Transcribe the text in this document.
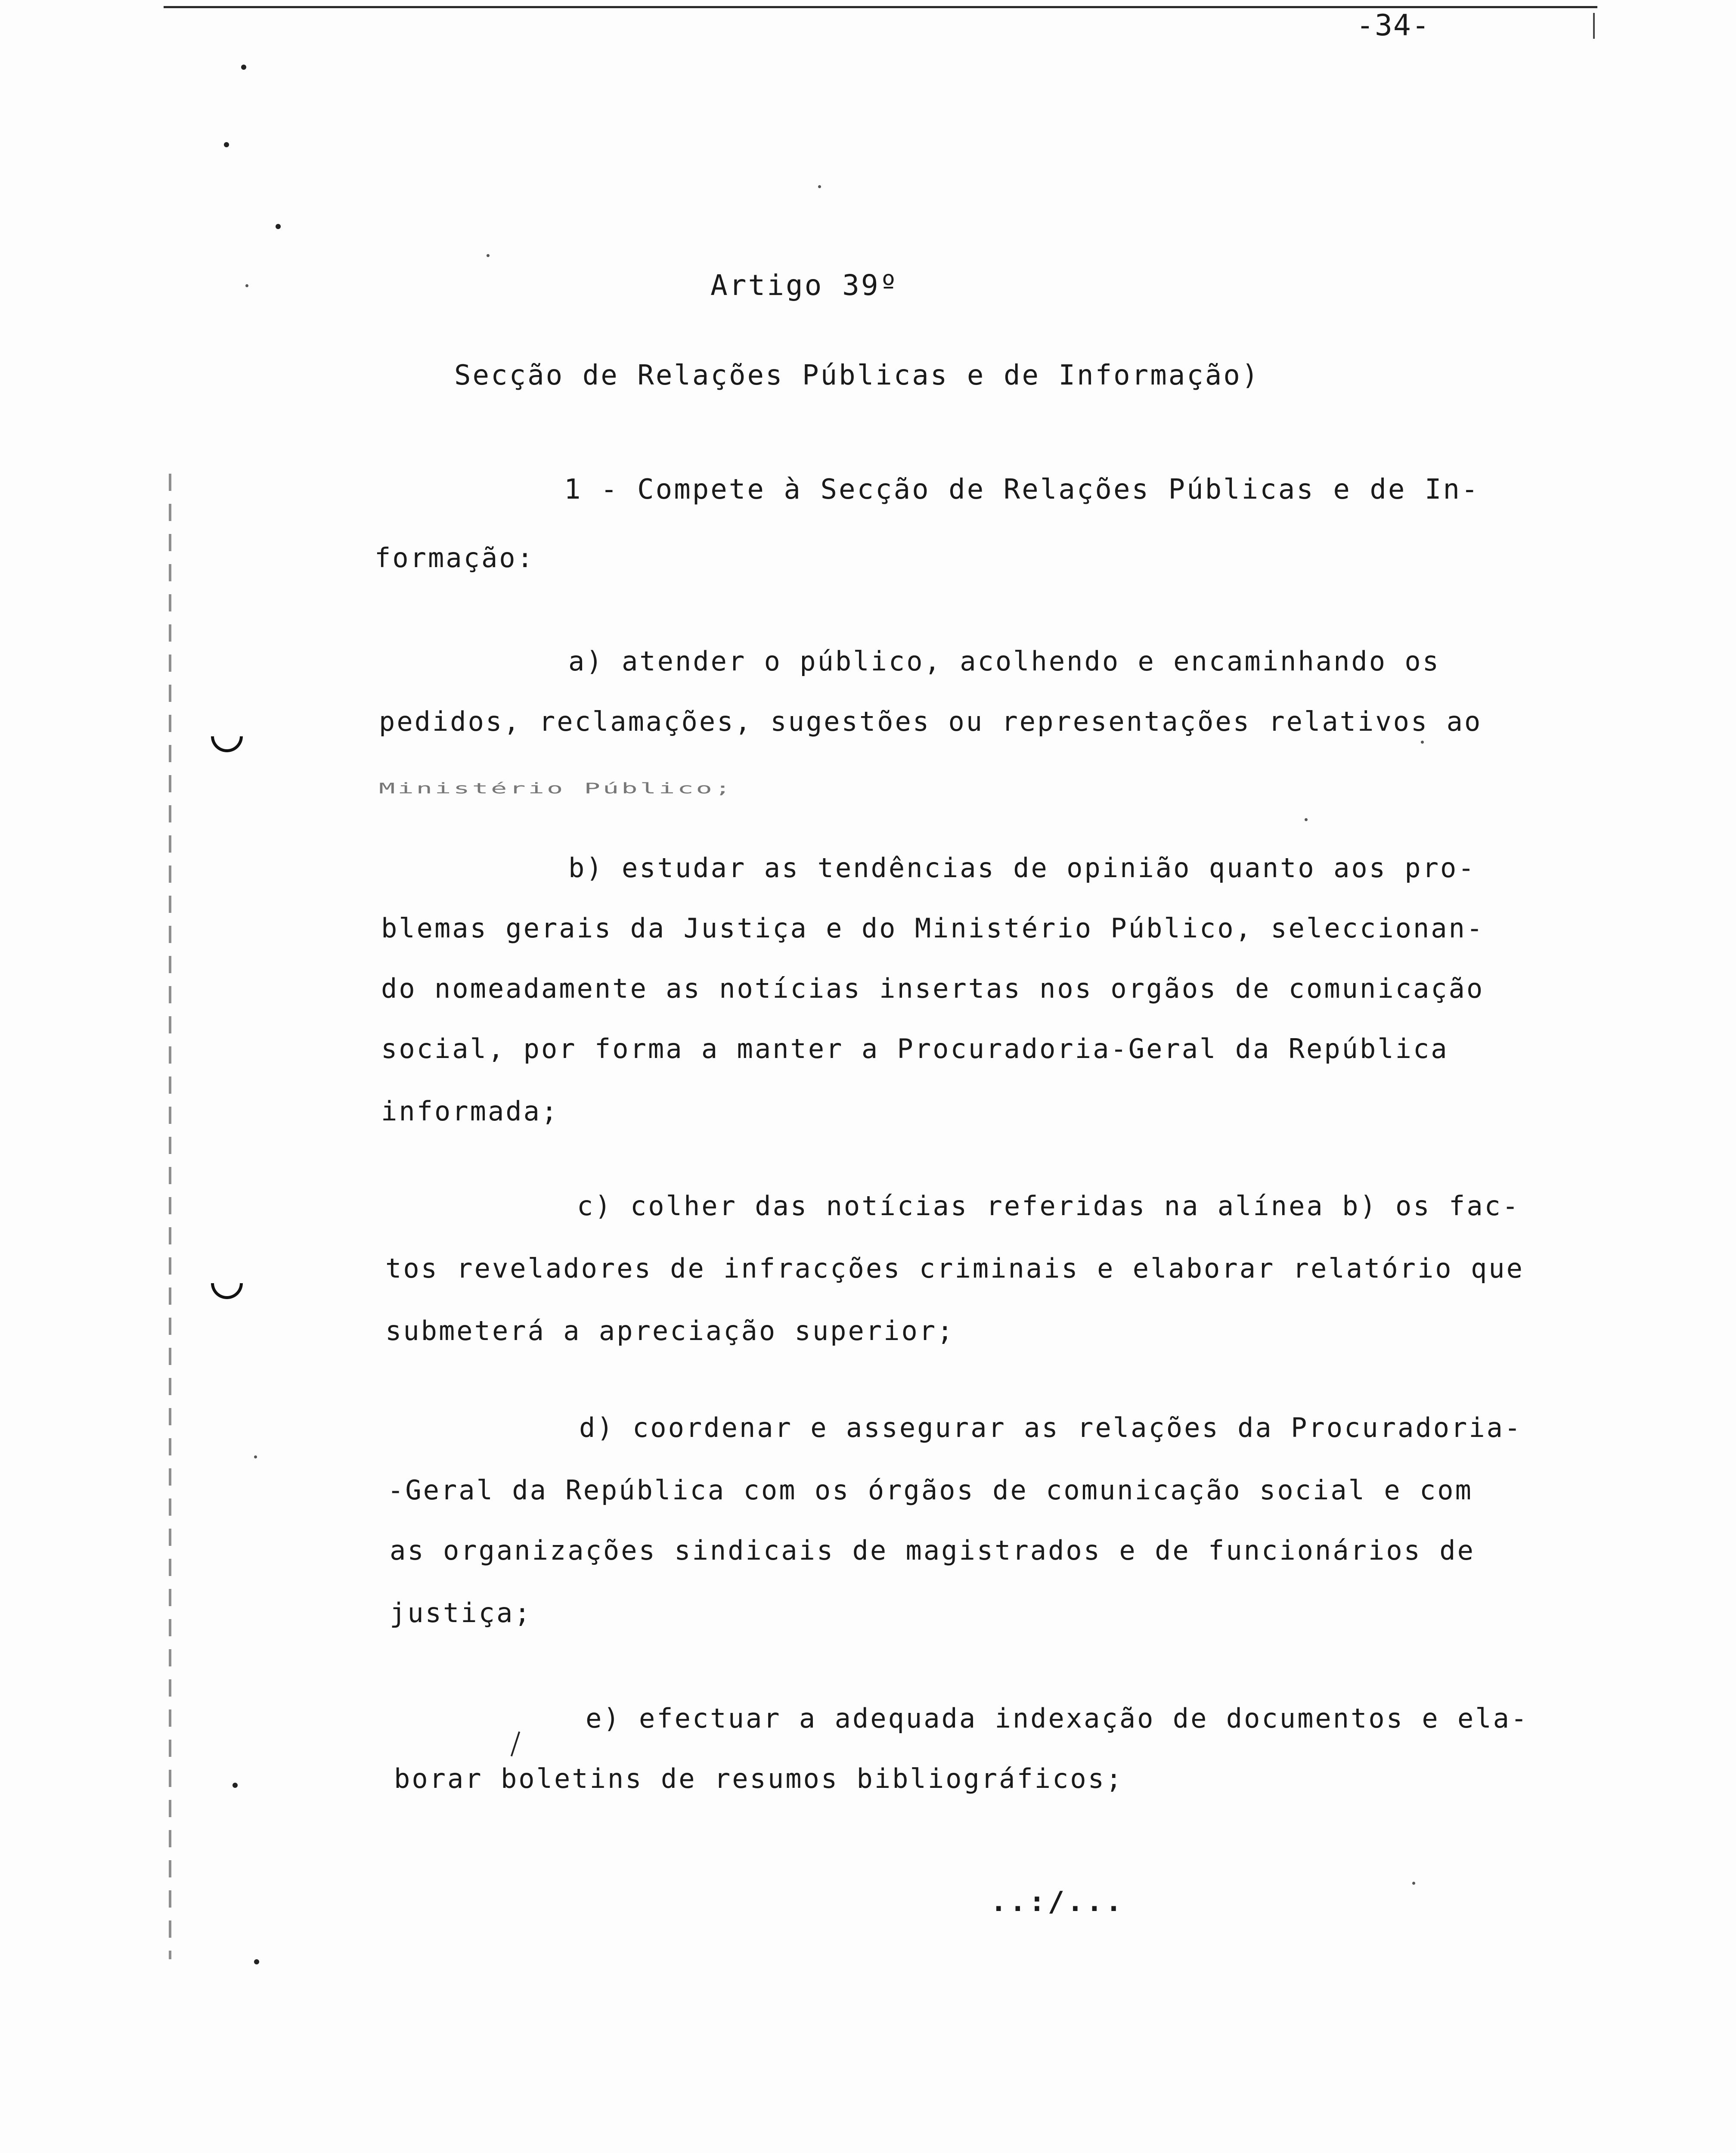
-34-
Artigo 39º
Secção de Relações Públicas e de Informação)
1 - Compete à Secção de Relações Públicas e de In-
formação:
a) atender o público, acolhendo e encaminhando os
pedidos, reclamações, sugestões ou representações relativos ao
Ministério Público;
b) estudar as tendências de opinião quanto aos pro-
blemas gerais da Justiça e do Ministério Público, seleccionan-
do nomeadamente as notícias insertas nos orgãos de comunicação
social, por forma a manter a Procuradoria-Geral da República
informada;
c) colher das notícias referidas na alínea b) os fac-
tos reveladores de infracções criminais e elaborar relatório que
submeterá a apreciação superior;
d) coordenar e assegurar as relações da Procuradoria-
-Geral da República com os órgãos de comunicação social e com
as organizações sindicais de magistrados e de funcionários de
justiça;
e) efectuar a adequada indexação de documentos e ela-
borar boletins de resumos bibliográficos;
..:/...
